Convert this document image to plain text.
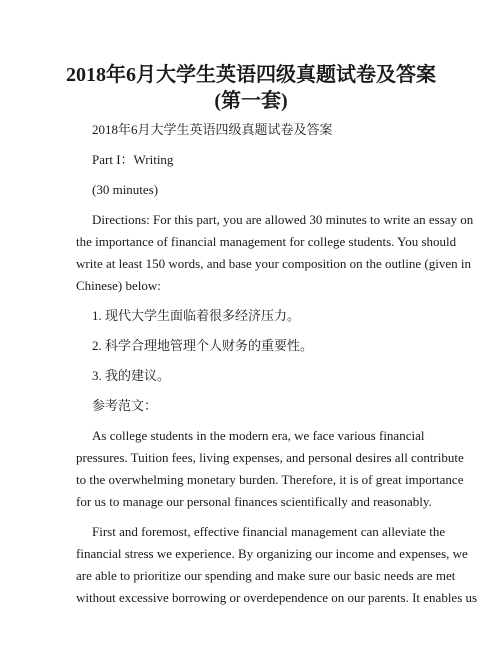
2018年6月大学生英语四级真题试卷及答案
(第一套)
2018年6月大学生英语四级真题试卷及答案
Part I：Writing
(30 minutes)
Directions: For this part, you are allowed 30 minutes to write an essay on
the importance of financial management for college students. You should
write at least 150 words, and base your composition on the outline (given in
Chinese) below:
1. 现代大学生面临着很多经济压力。
2. 科学合理地管理个人财务的重要性。
3. 我的建议。
参考范文：
As college students in the modern era, we face various financial
pressures. Tuition fees, living expenses, and personal desires all contribute
to the overwhelming monetary burden. Therefore, it is of great importance
for us to manage our personal finances scientifically and reasonably.
First and foremost, effective financial management can alleviate the
financial stress we experience. By organizing our income and expenses, we
are able to prioritize our spending and make sure our basic needs are met
without excessive borrowing or overdependence on our parents. It enables us
